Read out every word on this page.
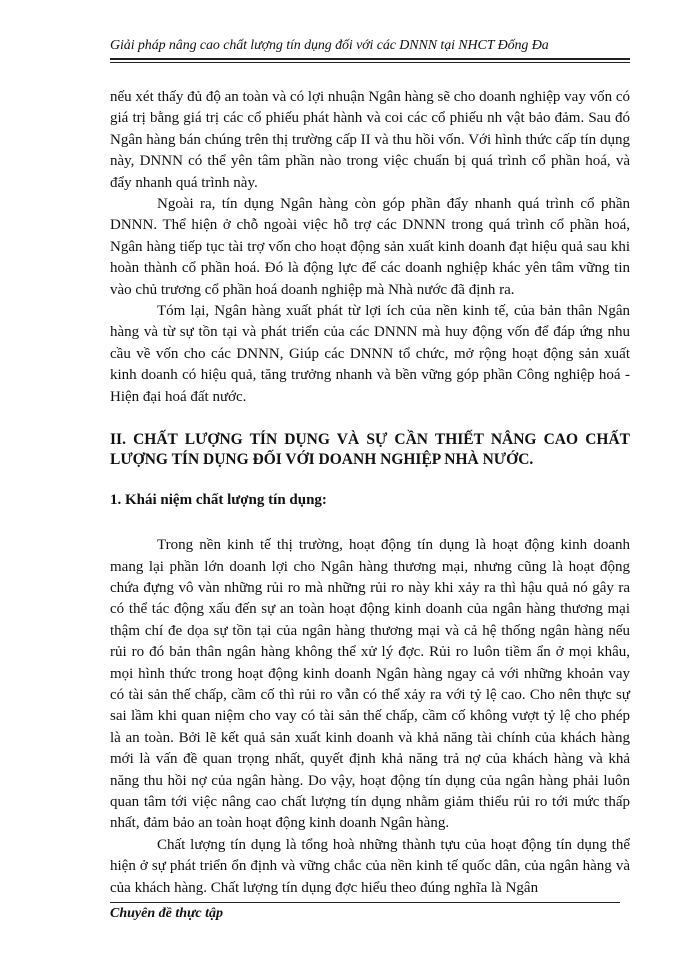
Giải pháp nâng cao chất lượng tín dụng đối với các DNNN tại NHCT Đống Đa

nếu xét thấy đủ độ an toàn và có lợi nhuận Ngân hàng sẽ cho doanh nghiệp vay vốn có giá trị bằng giá trị các cổ phiếu phát hành và coi các cổ phiếu nh vật bảo đảm. Sau đó Ngân hàng bán chúng trên thị trường cấp II và thu hồi vốn. Với hình thức cấp tín dụng này, DNNN có thể yên tâm phần nào trong việc chuẩn bị quá trình cổ phần hoá, và đẩy nhanh quá trình này.

Ngoài ra, tín dụng Ngân hàng còn góp phần đẩy nhanh quá trình cổ phần DNNN. Thể hiện ở chỗ ngoài việc hỗ trợ các DNNN trong quá trình cổ phần hoá, Ngân hàng tiếp tục tài trợ vốn cho hoạt động sản xuất kinh doanh đạt hiệu quả sau khi hoàn thành cổ phần hoá. Đó là động lực để các doanh nghiệp khác yên tâm vững tin vào chủ trương cổ phần hoá doanh nghiệp mà Nhà nước đã định ra.

Tóm lại, Ngân hàng xuất phát từ lợi ích của nền kinh tế, của bản thân Ngân hàng và từ sự tồn tại và phát triển của các DNNN mà huy động vốn để đáp ứng nhu cầu về vốn cho các DNNN, Giúp các DNNN tổ chức, mở rộng hoạt động sản xuất kinh doanh có hiệu quả, tăng trưởng nhanh và bền vững góp phần Công nghiệp hoá - Hiện đại hoá đất nước.

II. CHẤT LƯỢNG TÍN DỤNG VÀ SỰ CẦN THIẾT NÂNG CAO CHẤT LƯỢNG TÍN DỤNG ĐỐI VỚI DOANH NGHIỆP NHÀ NƯỚC.
1. Khái niệm chất lượng tín dụng:

Trong nền kinh tế thị trường, hoạt động tín dụng là hoạt động kinh doanh mang lại phần lớn doanh lợi cho Ngân hàng thương mại, nhưng cũng là hoạt động chứa đựng vô vàn những rủi ro mà những rủi ro này khi xảy ra thì hậu quả nó gây ra có thể tác động xấu đến sự an toàn hoạt động kinh doanh của ngân hàng thương mại thậm chí đe dọa sự tồn tại của ngân hàng thương mại và cả hệ thống ngân hàng nếu rủi ro đó bản thân ngân hàng không thể xử lý đợc. Rủi ro luôn tiềm ẩn ở mọi khâu, mọi hình thức trong hoạt động kinh doanh Ngân hàng ngay cả với những khoản vay có tài sản thế chấp, cầm cố thì rủi ro vẫn có thể xảy ra với tỷ lệ cao. Cho nên thực sự sai lầm khi quan niệm cho vay có tài sản thế chấp, cầm cố không vượt tỷ lệ cho phép là an toàn. Bởi lẽ kết quả sản xuất kinh doanh và khả năng tài chính của khách hàng mới là vấn đề quan trọng nhất, quyết định khả năng trả nợ của khách hàng và khả năng thu hồi nợ của ngân hàng. Do vậy, hoạt động tín dụng của ngân hàng phải luôn quan tâm tới việc nâng cao chất lượng tín dụng nhằm giảm thiểu rủi ro tới mức thấp nhất, đảm bảo an toàn hoạt động kinh doanh Ngân hàng.

Chất lượng tín dụng là tổng hoà những thành tựu của hoạt động tín dụng thể hiện ở sự phát triển ổn định và vững chắc của nền kinh tế quốc dân, của ngân hàng và của khách hàng. Chất lượng tín dụng đợc hiểu theo đúng nghĩa là Ngân

Chuyên đề thực tập
